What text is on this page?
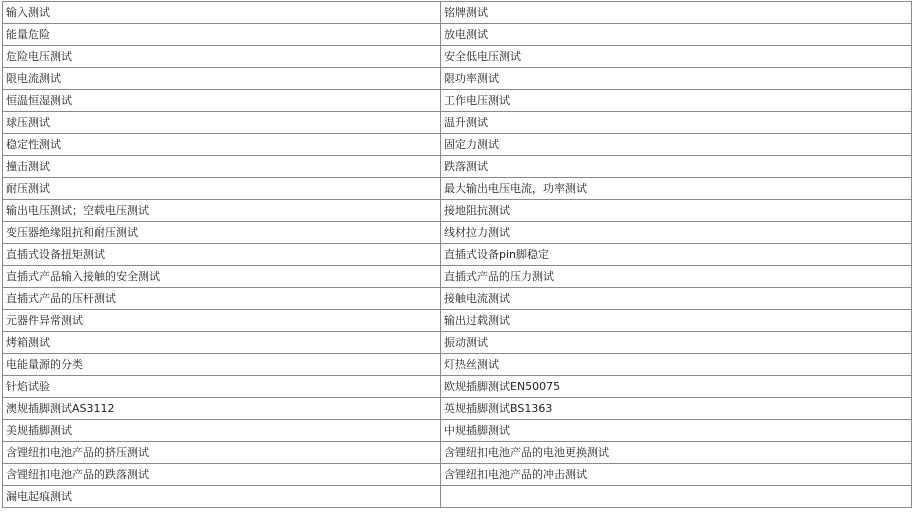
输入测试	铭牌测试
能量危险	放电测试
危险电压测试	安全低电压测试
限电流测试	限功率测试
恒温恒湿测试	工作电压测试
球压测试	温升测试
稳定性测试	固定力测试
撞击测试	跌落测试
耐压测试	最大输出电压电流，功率测试
输出电压测试；空载电压测试	接地阻抗测试
变压器绝缘阻抗和耐压测试	线材拉力测试
直插式设备扭矩测试	直插式设备pin脚稳定
直插式产品输入接触的安全测试	直插式产品的压力测试
直插式产品的压杆测试	接触电流测试
元器件异常测试	输出过载测试
烤箱测试	振动测试
电能量源的分类	灯热丝测试
针焰试验	欧规插脚测试EN50075
澳规插脚测试AS3112	英规插脚测试BS1363
美规插脚测试	中规插脚测试
含锂纽扣电池产品的挤压测试	含锂纽扣电池产品的电池更换测试
含锂纽扣电池产品的跌落测试	含锂纽扣电池产品的冲击测试
漏电起痕测试	
